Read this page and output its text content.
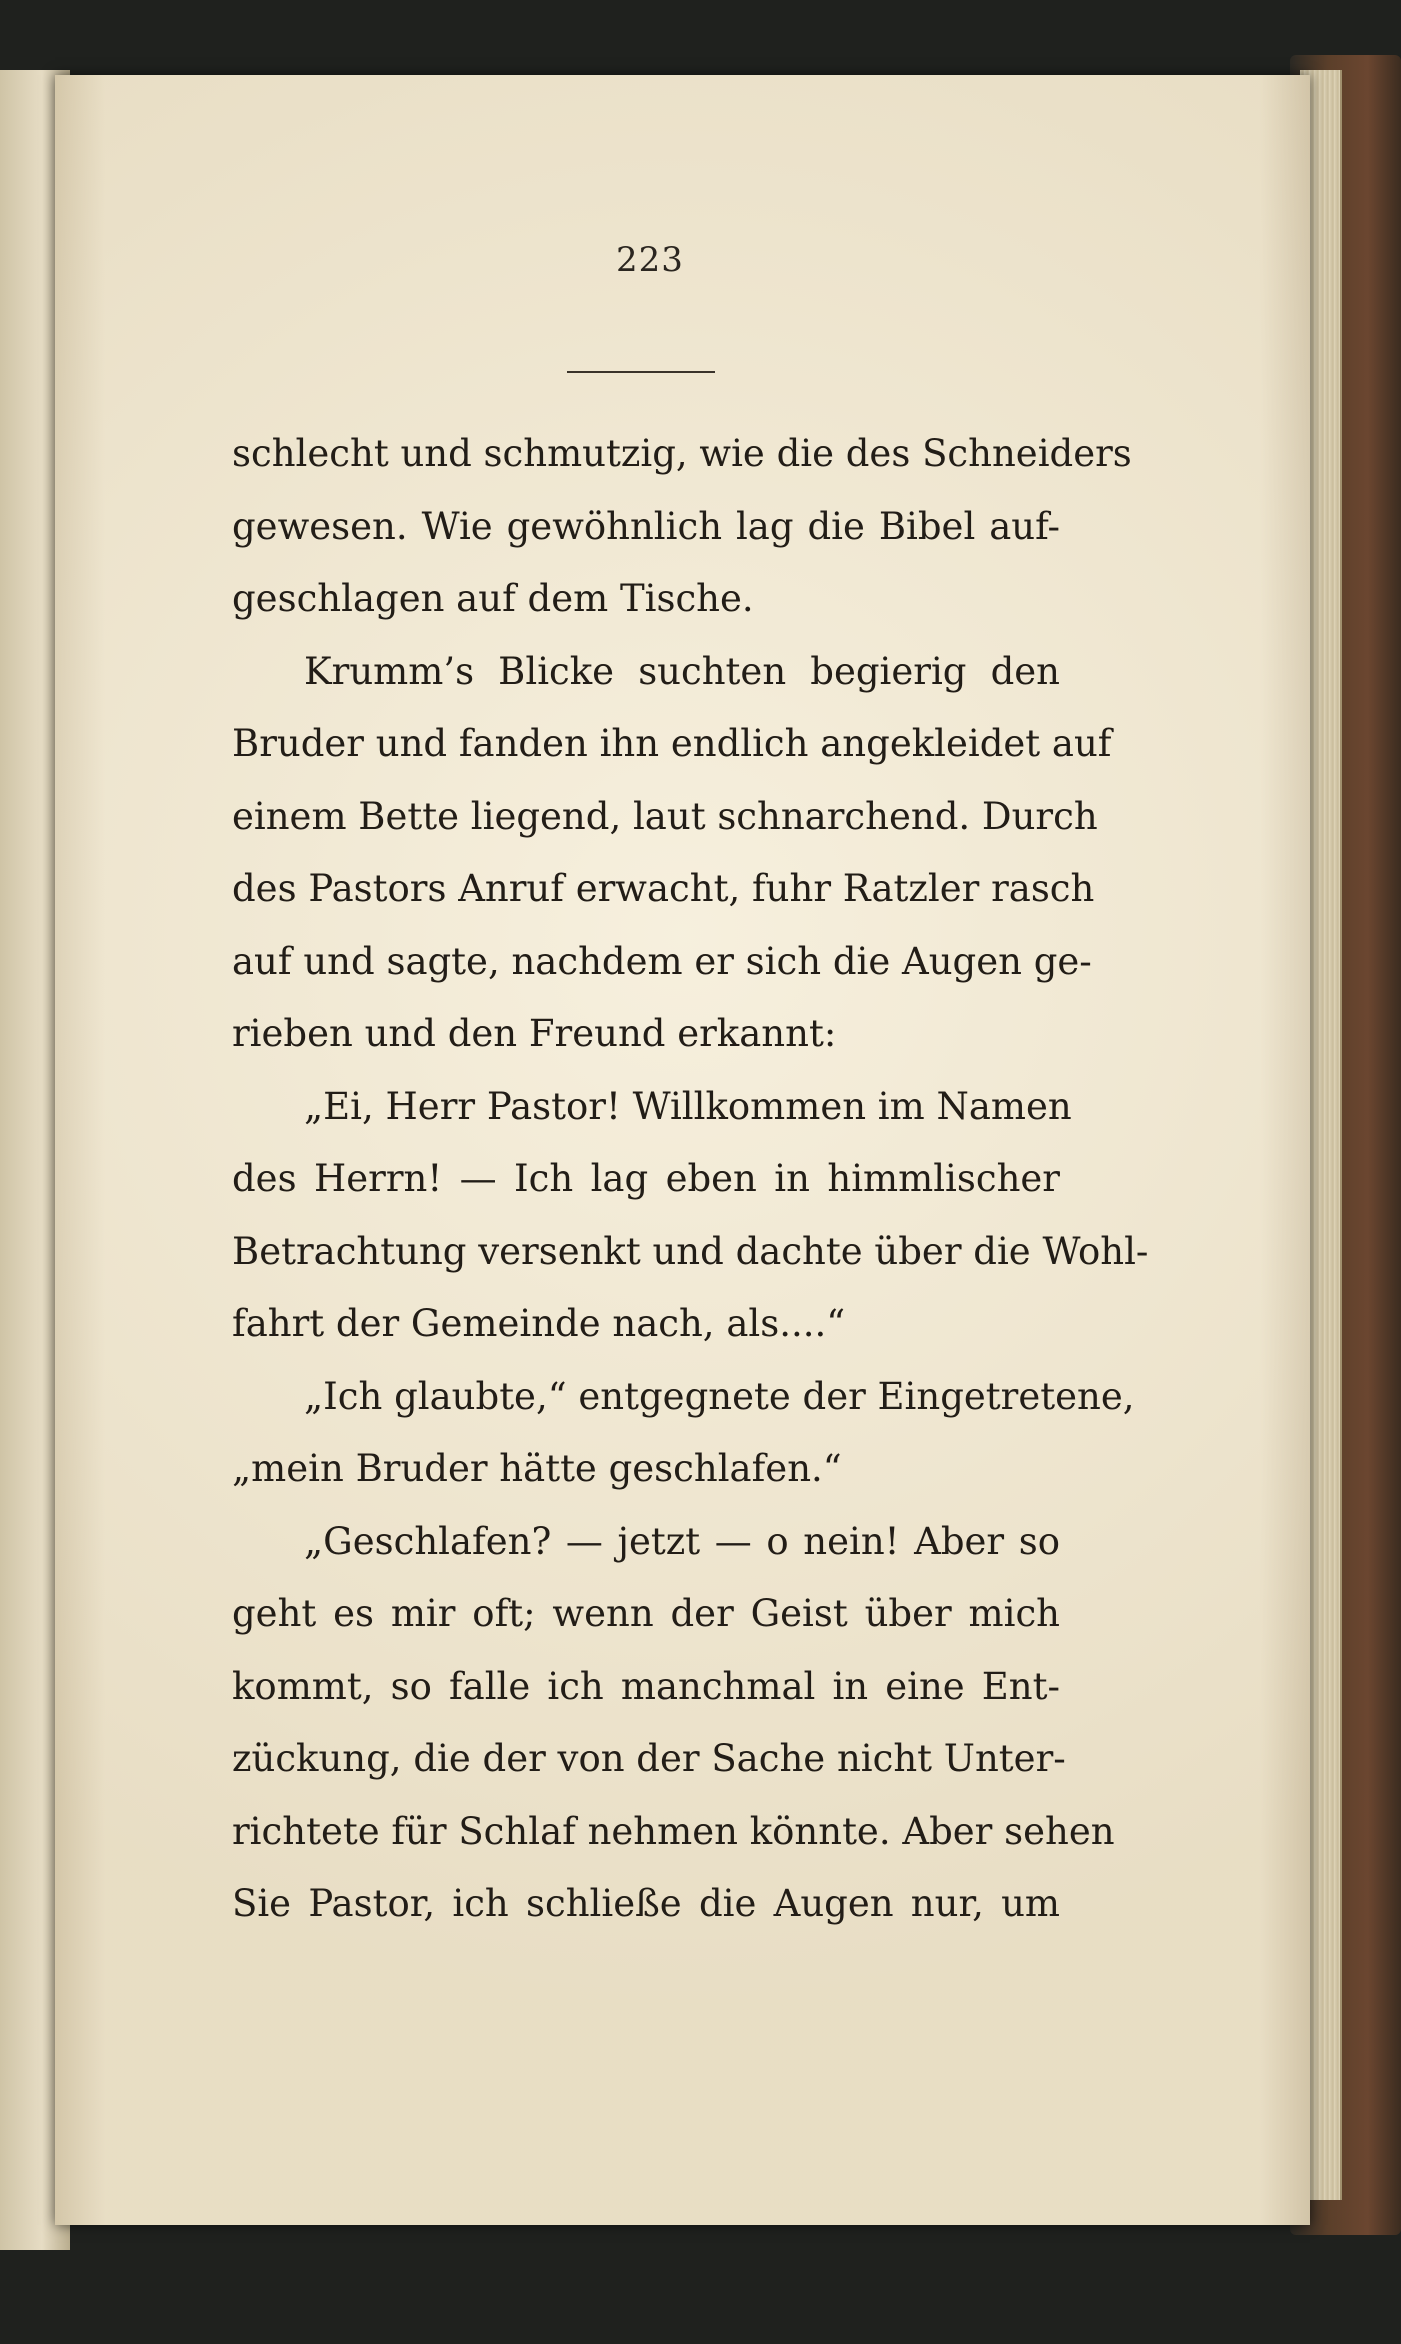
223
schlecht und schmutzig, wie die des Schneiders
gewesen. Wie gewöhnlich lag die Bibel auf-
geschlagen auf dem Tische.
Krumm’s Blicke suchten begierig den
Bruder und fanden ihn endlich angekleidet auf
einem Bette liegend, laut schnarchend. Durch
des Pastors Anruf erwacht, fuhr Ratzler rasch
auf und sagte, nachdem er sich die Augen ge-
rieben und den Freund erkannt:
„Ei, Herr Pastor! Willkommen im Namen
des Herrn! — Ich lag eben in himmlischer
Betrachtung versenkt und dachte über die Wohl-
fahrt der Gemeinde nach, als....“
„Ich glaubte,“ entgegnete der Eingetretene,
„mein Bruder hätte geschlafen.“
„Geschlafen? — jetzt — o nein! Aber so
geht es mir oft; wenn der Geist über mich
kommt, so falle ich manchmal in eine Ent-
zückung, die der von der Sache nicht Unter-
richtete für Schlaf nehmen könnte. Aber sehen
Sie Pastor, ich schließe die Augen nur, um
